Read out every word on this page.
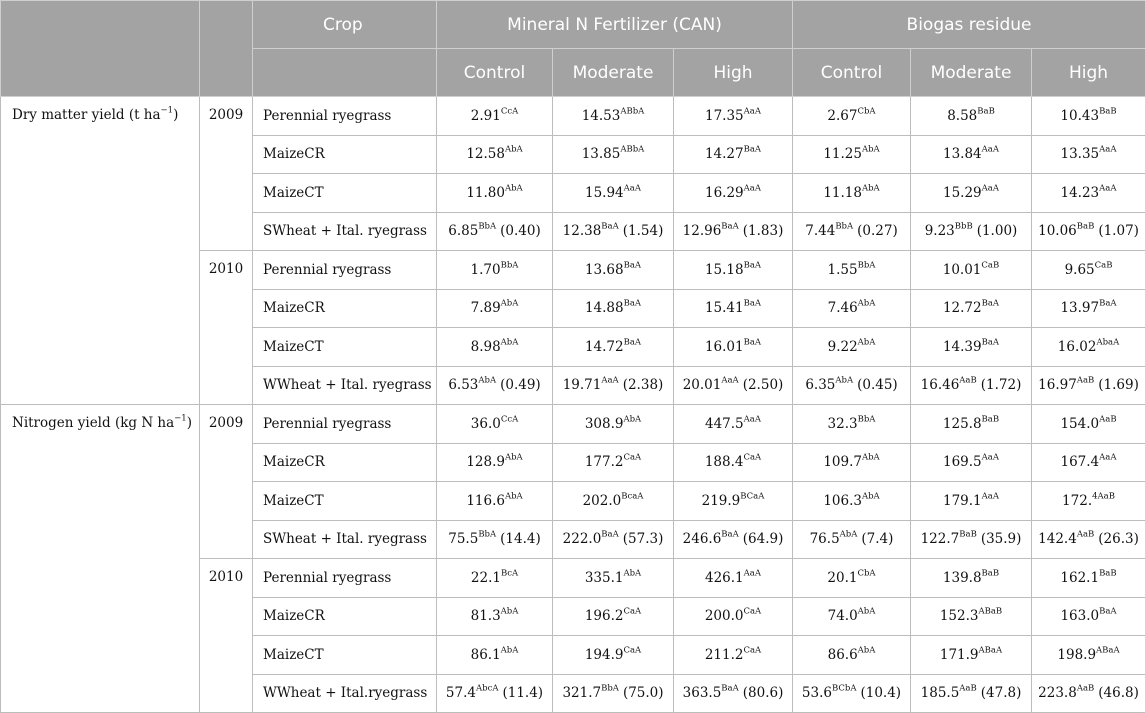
		Crop	Mineral N Fertilizer (CAN)			Biogas residue		
			Control	Moderate	High	Control	Moderate	High
Dry matter yield (t $ha^{-1}$)	2009	Perennial ryegrass	$2.91^{CcA}$	$14.53^{ABbA}$	$17.35^{AaA}$	$2.67^{CbA}$	$8.58^{BaB}$	$10.43^{BaB}$
		MaizeCR	$12.58^{AbA}$	$13.85^{ABbA}$	$14.27^{BaA}$	$11.25^{AbA}$	$13.84^{AaA}$	$13.35^{AaA}$
		MaizeCT	$11.80^{AbA}$	$15.94^{AaA}$	$16.29^{AaA}$	$11.18^{AbA}$	$15.29^{AaA}$	$14.23^{AaA}$
		SWheat + Ital. ryegrass	$6.85^{BbA}$ (0.40)	$12.38^{BaA}$ (1.54)	$12.96^{BaA}$ (1.83)	$7.44^{BbA}$ (0.27)	$9.23^{BbB}$ (1.00)	$10.06^{BaB}$ (1.07)
	2010	Perennial ryegrass	$1.70^{BbA}$	$13.68^{BaA}$	$15.18^{BaA}$	$1.55^{BbA}$	$10.01^{CaB}$	$9.65^{CaB}$
		MaizeCR	$7.89^{AbA}$	$14.88^{BaA}$	$15.41^{BaA}$	$7.46^{AbA}$	$12.72^{BaA}$	$13.97^{BaA}$
		MaizeCT	$8.98^{AbA}$	$14.72^{BaA}$	$16.01^{BaA}$	$9.22^{AbA}$	$14.39^{BaA}$	$16.02^{AbaA}$
		WWheat + Ital. ryegrass	$6.53^{AbA}$ (0.49)	$19.71^{AaA}$ (2.38)	$20.01^{AaA}$ (2.50)	$6.35^{AbA}$ (0.45)	$16.46^{AaB}$ (1.72)	$16.97^{AaB}$ (1.69)
Nitrogen yield (kg N $ha^{-1}$)	2009	Perennial ryegrass	$36.0^{CcA}$	$308.9^{AbA}$	$447.5^{AaA}$	$32.3^{BbA}$	$125.8^{BaB}$	$154.0^{AaB}$
		MaizeCR	$128.9^{AbA}$	$177.2^{CaA}$	$188.4^{CaA}$	$109.7^{AbA}$	$169.5^{AaA}$	$167.4^{AaA}$
		MaizeCT	$116.6^{AbA}$	$202.0^{BcaA}$	$219.9^{BCaA}$	$106.3^{AbA}$	$179.1^{AaA}$	172.$^{4AaB}$
		SWheat + Ital. ryegrass	$75.5^{BbA}$ (14.4)	$222.0^{BaA}$ (57.3)	$246.6^{BaA}$ (64.9)	$76.5^{AbA}$ (7.4)	$122.7^{BaB}$ (35.9)	$142.4^{AaB}$ (26.3)
	2010	Perennial ryegrass	$22.1^{BcA}$	$335.1^{AbA}$	$426.1^{AaA}$	$20.1^{CbA}$	$139.8^{BaB}$	$162.1^{BaB}$
		MaizeCR	$81.3^{AbA}$	$196.2^{CaA}$	$200.0^{CaA}$	$74.0^{AbA}$	$152.3^{ABaB}$	$163.0^{BaA}$
		MaizeCT	$86.1^{AbA}$	$194.9^{CaA}$	$211.2^{CaA}$	$86.6^{AbA}$	$171.9^{ABaA}$	$198.9^{ABaA}$
		WWheat + Ital.ryegrass	$57.4^{AbcA}$ (11.4)	$321.7^{BbA}$ (75.0)	$363.5^{BaA}$ (80.6)	$53.6^{BCbA}$ (10.4)	$185.5^{AaB}$ (47.8)	$223.8^{AaB}$ (46.8)
